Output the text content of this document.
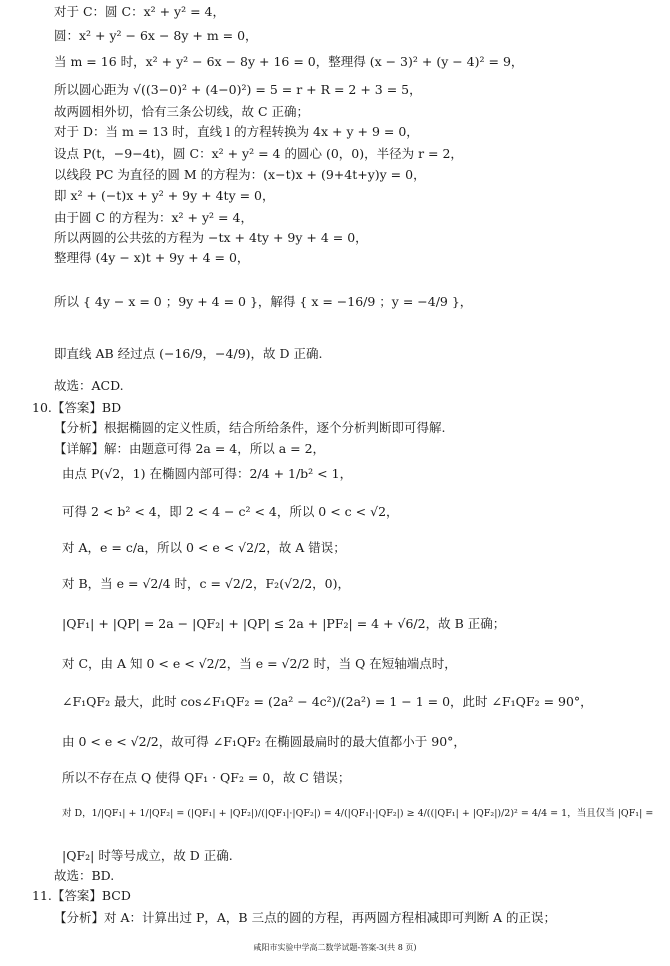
对于 C：圆 C：x² + y² = 4，
圆：x² + y² − 6x − 8y + m = 0，
当 m = 16 时，x² + y² − 6x − 8y + 16 = 0，整理得 (x − 3)² + (y − 4)² = 9，
所以圆心距为 √((3−0)² + (4−0)²) = 5 = r + R = 2 + 3 = 5，
故两圆相外切，恰有三条公切线，故 C 正确；
对于 D：当 m = 13 时，直线 l 的方程转换为 4x + y + 9 = 0，
设点 P(t，−9−4t)，圆 C：x² + y² = 4 的圆心 (0，0)，半径为 r = 2，
以线段 PC 为直径的圆 M 的方程为：(x−t)x + (9+4t+y)y = 0，
即 x² + (−t)x + y² + 9y + 4ty = 0，
由于圆 C 的方程为：x² + y² = 4，
所以两圆的公共弦的方程为 −tx + 4ty + 9y + 4 = 0，
整理得 (4y − x)t + 9y + 4 = 0，
所以 { 4y − x = 0 ；9y + 4 = 0 }，解得 { x = −16/9 ；y = −4/9 }，
即直线 AB 经过点 (−16/9，−4/9)，故 D 正确.
故选：ACD.
10.【答案】BD
【分析】根据椭圆的定义性质，结合所给条件，逐个分析判断即可得解.
【详解】解：由题意可得 2a = 4，所以 a = 2，
由点 P(√2，1) 在椭圆内部可得：2/4 + 1/b² < 1，
可得 2 < b² < 4，即 2 < 4 − c² < 4，所以 0 < c < √2，
对 A，e = c/a，所以 0 < e < √2/2，故 A 错误；
对 B，当 e = √2/4 时，c = √2/2，F₂(√2/2，0)，
|QF₁| + |QP| = 2a − |QF₂| + |QP| ≤ 2a + |PF₂| = 4 + √6/2，故 B 正确；
对 C，由 A 知 0 < e < √2/2，当 e = √2/2 时，当 Q 在短轴端点时，
∠F₁QF₂ 最大，此时 cos∠F₁QF₂ = (2a² − 4c²)/(2a²) = 1 − 1 = 0，此时 ∠F₁QF₂ = 90°，
由 0 < e < √2/2，故可得 ∠F₁QF₂ 在椭圆最扁时的最大值都小于 90°，
所以不存在点 Q 使得 QF₁ · QF₂ = 0，故 C 错误；
对 D，1/|QF₁| + 1/|QF₂| = (|QF₁| + |QF₂|)/(|QF₁|·|QF₂|) = 4/(|QF₁|·|QF₂|) ≥ 4/((|QF₁| + |QF₂|)/2)² = 4/4 = 1，当且仅当 |QF₁| =
|QF₂| 时等号成立，故 D 正确.
故选：BD.
11.【答案】BCD
【分析】对 A：计算出过 P，A，B 三点的圆的方程，再两圆方程相减即可判断 A 的正误；
咸阳市实验中学高二数学试题-答案-3(共 8 页)
